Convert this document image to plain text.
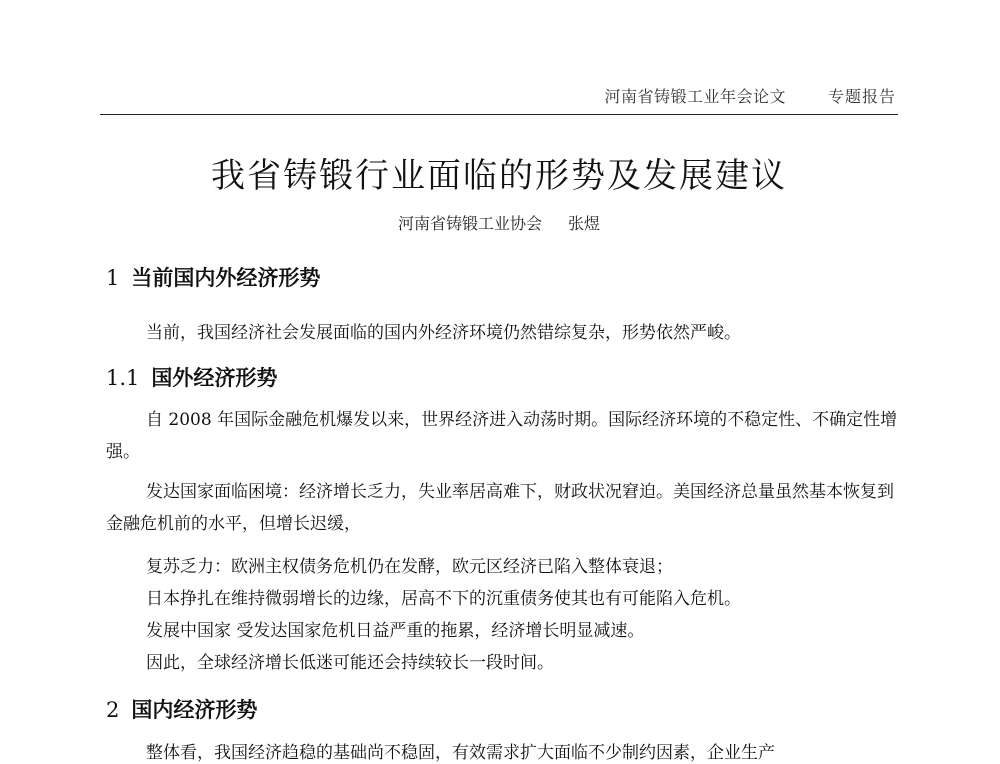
河南省铸锻工业年会论文	专题报告
我省铸锻行业面临的形势及发展建议
河南省铸锻工业协会 张煜
1 当前国内外经济形势
当前，我国经济社会发展面临的国内外经济环境仍然错综复杂，形势依然严峻。
1.1 国外经济形势
自 2008 年国际金融危机爆发以来，世界经济进入动荡时期。国际经济环境的不稳定性、不确定性增强。
发达国家面临困境：经济增长乏力，失业率居高难下，财政状况窘迫。美国经济总量虽然基本恢复到金融危机前的水平，但增长迟缓，
复苏乏力：欧洲主权债务危机仍在发酵，欧元区经济已陷入整体衰退；
日本挣扎在维持微弱增长的边缘，居高不下的沉重债务使其也有可能陷入危机。
发展中国家 受发达国家危机日益严重的拖累，经济增长明显减速。
因此，全球经济增长低迷可能还会持续较长一段时间。
2 国内经济形势
整体看，我国经济趋稳的基础尚不稳固，有效需求扩大面临不少制约因素，企业生产
